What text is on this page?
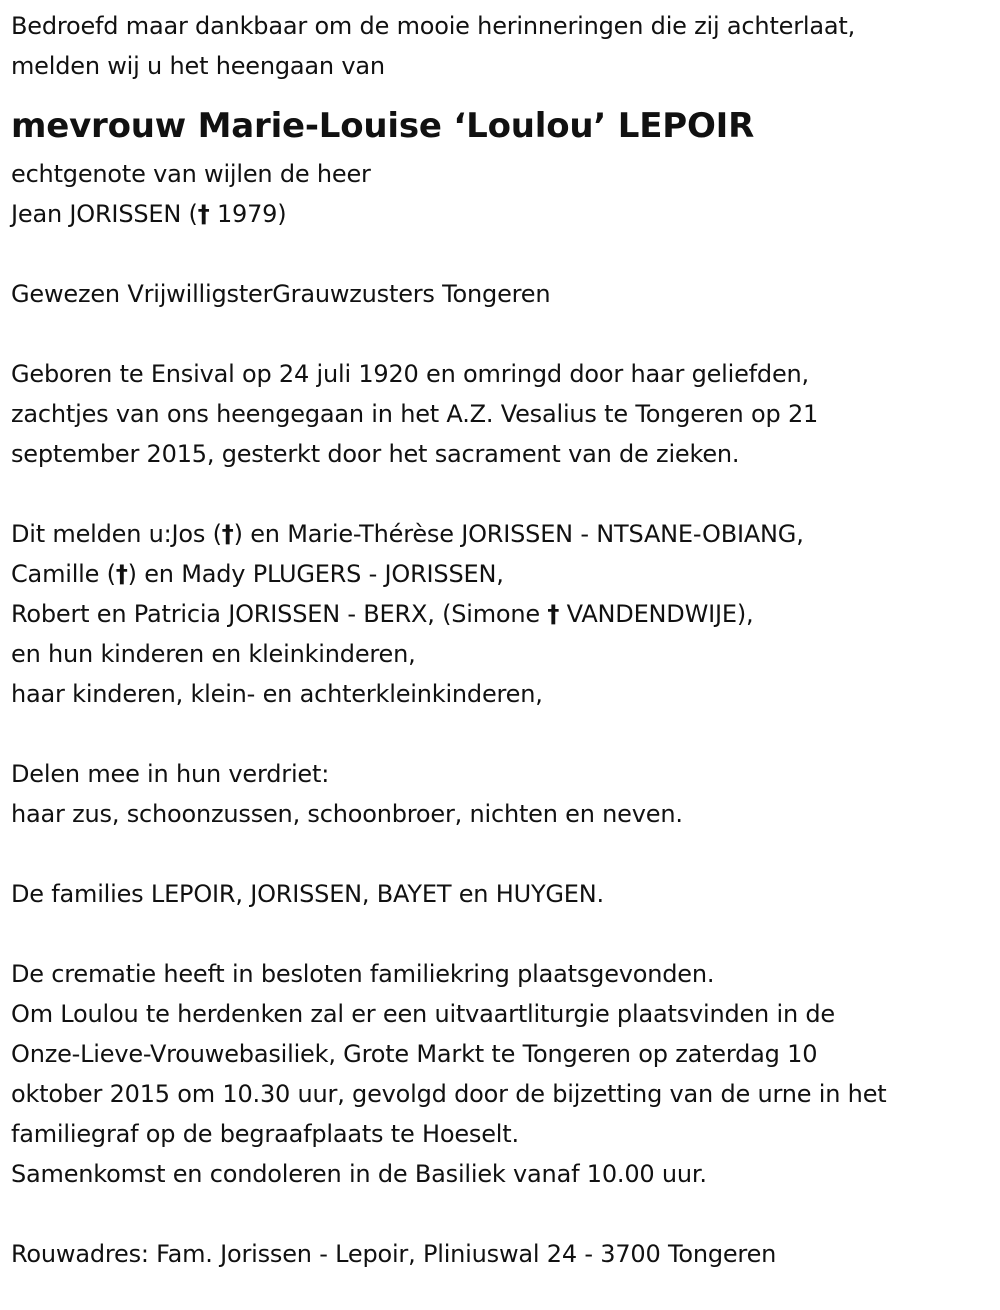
Bedroefd maar dankbaar om de mooie herinneringen die zij achterlaat,
melden wij u het heengaan van
mevrouw Marie-Louise ‘Loulou’ LEPOIR
echtgenote van wijlen de heer
Jean JORISSEN († 1979)
Gewezen VrijwilligsterGrauwzusters Tongeren
Geboren te Ensival op 24 juli 1920 en omringd door haar geliefden,
zachtjes van ons heengegaan in het A.Z. Vesalius te Tongeren op 21
september 2015, gesterkt door het sacrament van de zieken.
Dit melden u:Jos (†) en Marie-Thérèse JORISSEN - NTSANE-OBIANG,
Camille (†) en Mady PLUGERS - JORISSEN,
Robert en Patricia JORISSEN - BERX, (Simone † VANDENDWIJE),
en hun kinderen en kleinkinderen,
haar kinderen, klein- en achterkleinkinderen,
Delen mee in hun verdriet:
haar zus, schoonzussen, schoonbroer, nichten en neven.
De families LEPOIR, JORISSEN, BAYET en HUYGEN.
De crematie heeft in besloten familiekring plaatsgevonden.
Om Loulou te herdenken zal er een uitvaartliturgie plaatsvinden in de
Onze-Lieve-Vrouwebasiliek, Grote Markt te Tongeren op zaterdag 10
oktober 2015 om 10.30 uur, gevolgd door de bijzetting van de urne in het
familiegraf op de begraafplaats te Hoeselt.
Samenkomst en condoleren in de Basiliek vanaf 10.00 uur.
Rouwadres: Fam. Jorissen - Lepoir, Pliniuswal 24 - 3700 Tongeren
